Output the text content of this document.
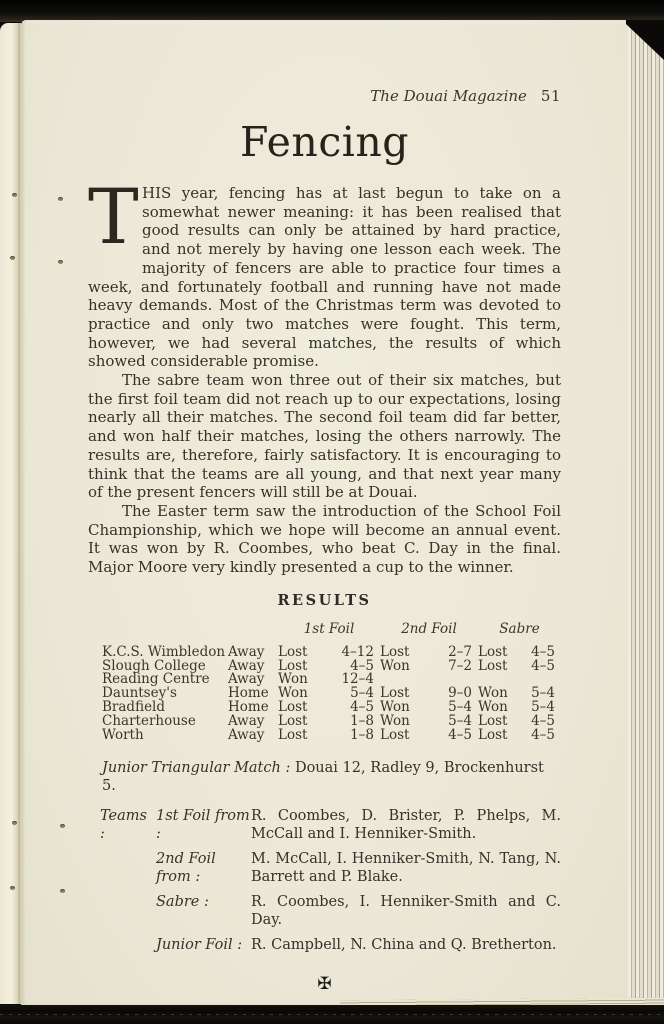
The Douai Magazine 51
Fencing

THIS year, fencing has at last begun to take on a somewhat newer meaning: it has been realised that good results can only be attained by hard practice, and not merely by having one lesson each week. The majority of fencers are able to practice four times a week, and fortunately football and running have not made heavy demands. Most of the Christmas term was devoted to practice and only two matches were fought. This term, however, we had several matches, the results of which showed considerable promise.

The sabre team won three out of their six matches, but the first foil team did not reach up to our expectations, losing nearly all their matches. The second foil team did far better, and won half their matches, losing the others narrowly. The results are, therefore, fairly satisfactory. It is encouraging to think that the teams are all young, and that next year many of the present fencers will still be at Douai.

The Easter term saw the introduction of the School Foil Championship, which we hope will become an annual event. It was won by R. Coombes, who beat C. Day in the final. Major Moore very kindly presented a cup to the winner.

RESULTS
1st Foil	2nd Foil	Sabre
K.C.S. Wimbledon Away	Lost	4–12 Lost	2–7 Lost	4–5
Slough College	Away	Lost	4–5 Won	7–2 Lost	4–5
Reading Centre	Away	Won	12–4
Dauntsey's	Home Won	5–4 Lost	9–0 Won	5–4
Bradfield	Home Lost	4–5 Won	5–4 Won	5–4
Charterhouse	Away	Lost	1–8 Won	5–4 Lost	4–5
Worth	Away	Lost	1–8 Lost	4–5 Lost	4–5
Junior Triangular Match : Douai 12, Radley 9, Brockenhurst 5.
Teams :
1st Foil from :
R. Coombes, D. Brister, P. Phelps, M. McCall and I. Henniker-Smith.
2nd Foil from :
M. McCall, I. Henniker-Smith, N. Tang, N. Barrett and P. Blake.
Sabre :	R. Coombes, I. Henniker-Smith and C. Day.
Junior Foil : R. Campbell, N. China and Q. Bretherton.
✠
